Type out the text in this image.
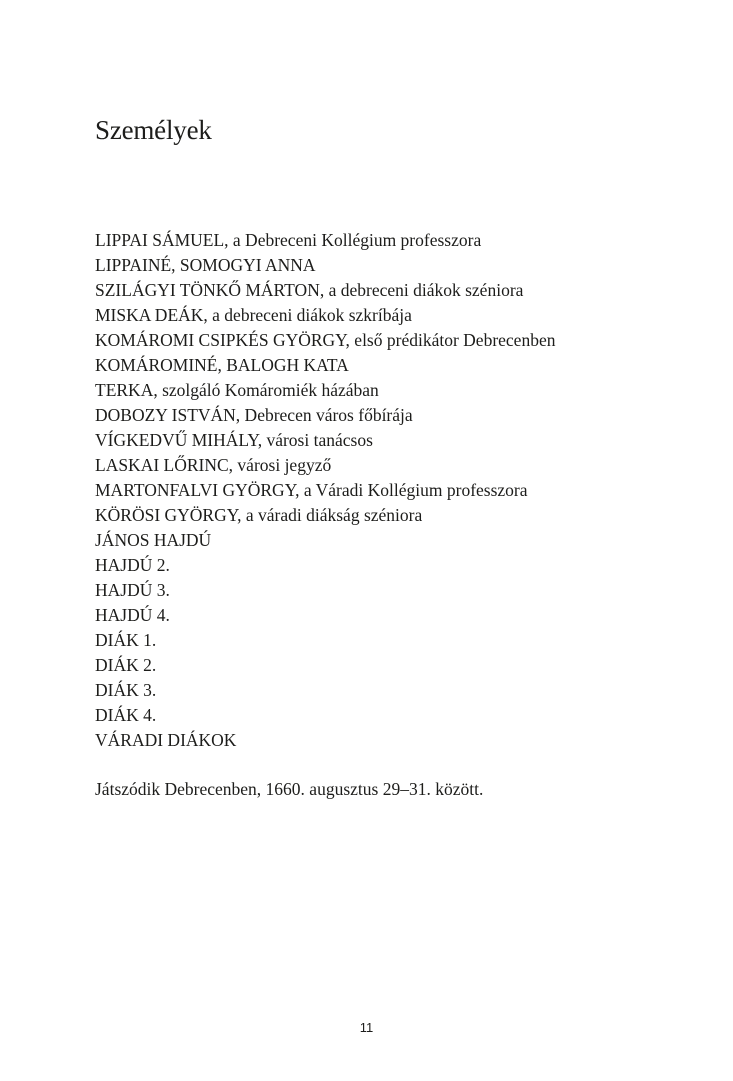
Személyek
LIPPAI SÁMUEL, a Debreceni Kollégium professzora
LIPPAINÉ, SOMOGYI ANNA
SZILÁGYI TÖNKŐ MÁRTON, a debreceni diákok széniora
MISKA DEÁK, a debreceni diákok szkríbája
KOMÁROMI CSIPKÉS GYÖRGY, első prédikátor Debrecenben
KOMÁROMINÉ, BALOGH KATA
TERKA, szolgáló Komáromiék házában
DOBOZY ISTVÁN, Debrecen város főbírája
VÍGKEDVŰ MIHÁLY, városi tanácsos
LASKAI LŐRINC, városi jegyző
MARTONFALVI GYÖRGY, a Váradi Kollégium professzora
KÖRÖSI GYÖRGY, a váradi diákság széniora
JÁNOS HAJDÚ
HAJDÚ 2.
HAJDÚ 3.
HAJDÚ 4.
DIÁK 1.
DIÁK 2.
DIÁK 3.
DIÁK 4.
VÁRADI DIÁKOK

Játszódik Debrecenben, 1660. augusztus 29–31. között.

11
